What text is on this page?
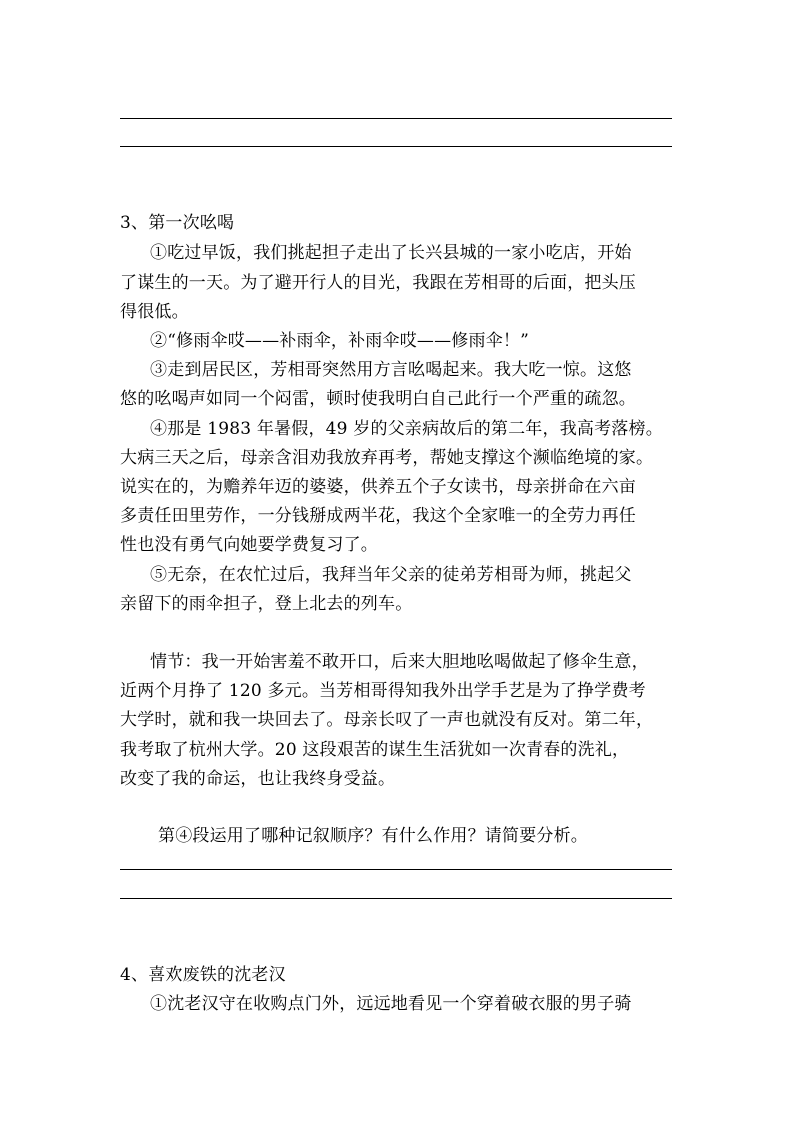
3、第一次吆喝
①吃过早饭，我们挑起担子走出了长兴县城的一家小吃店，开始
了谋生的一天。为了避开行人的目光，我跟在芳相哥的后面，把头压
得很低。
②“修雨伞哎——补雨伞，补雨伞哎——修雨伞！”
③走到居民区，芳相哥突然用方言吆喝起来。我大吃一惊。这悠
悠的吆喝声如同一个闷雷，顿时使我明白自己此行一个严重的疏忽。
④那是 1983 年暑假，49 岁的父亲病故后的第二年，我高考落榜。
大病三天之后，母亲含泪劝我放弃再考，帮她支撑这个濒临绝境的家。
说实在的，为赡养年迈的婆婆，供养五个子女读书，母亲拼命在六亩
多责任田里劳作，一分钱掰成两半花，我这个全家唯一的全劳力再任
性也没有勇气向她要学费复习了。
⑤无奈，在农忙过后，我拜当年父亲的徒弟芳相哥为师，挑起父
亲留下的雨伞担子，登上北去的列车。
情节：我一开始害羞不敢开口，后来大胆地吆喝做起了修伞生意，
近两个月挣了 120 多元。当芳相哥得知我外出学手艺是为了挣学费考
大学时，就和我一块回去了。母亲长叹了一声也就没有反对。第二年，
我考取了杭州大学。20 这段艰苦的谋生生活犹如一次青春的洗礼，
改变了我的命运，也让我终身受益。
第④段运用了哪种记叙顺序？有什么作用？请简要分析。
4、喜欢废铁的沈老汉
①沈老汉守在收购点门外，远远地看见一个穿着破衣服的男子骑
